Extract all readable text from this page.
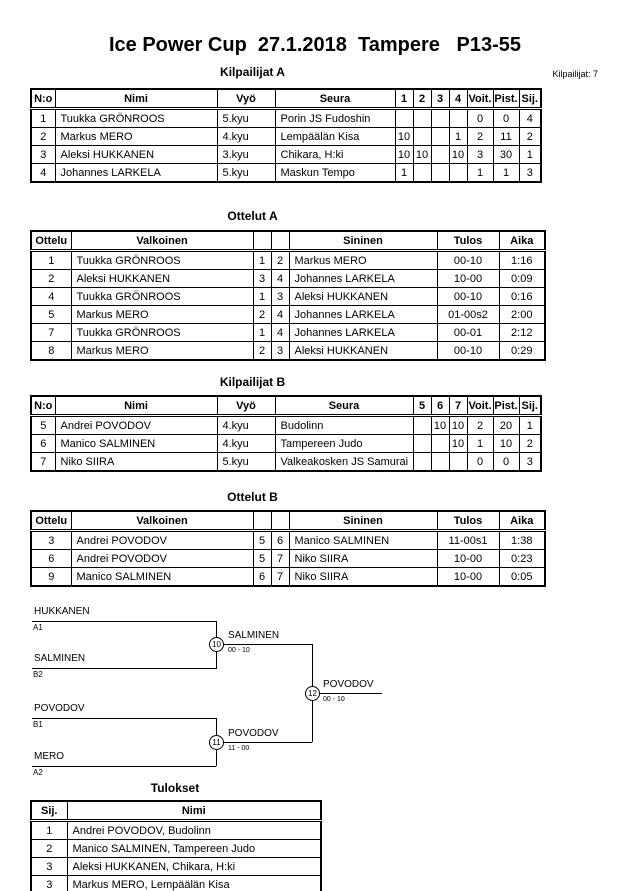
Ice Power Cup  27.1.2018  Tampere   P13-55
Kilpailijat: 7
Kilpailijat A
N:o	Nimi	Vyö	Seura	1	2	3	4	Voit.	Pist.	Sij.
1	Tuukka GRÖNROOS	5.kyu	Porin JS Fudoshin					0	0	4
2	Markus MERO	4.kyu	Lempäälän Kisa	10			1	2	11	2
3	Aleksi HUKKANEN	3.kyu	Chikara, H:ki	10	10		10	3	30	1
4	Johannes LARKELA	5.kyu	Maskun Tempo	1				1	1	3
Ottelut A
Ottelu	Valkoinen			Sininen	Tulos	Aika
1	Tuukka GRÖNROOS	1	2	Markus MERO	00-10	1:16
2	Aleksi HUKKANEN	3	4	Johannes LARKELA	10-00	0:09
4	Tuukka GRÖNROOS	1	3	Aleksi HUKKANEN	00-10	0:16
5	Markus MERO	2	4	Johannes LARKELA	01-00s2	2:00
7	Tuukka GRÖNROOS	1	4	Johannes LARKELA	00-01	2:12
8	Markus MERO	2	3	Aleksi HUKKANEN	00-10	0:29
Kilpailijat B
N:o	Nimi	Vyö	Seura	5	6	7	Voit.	Pist.	Sij.
5	Andrei POVODOV	4.kyu	Budolinn		10	10	2	20	1
6	Manico SALMINEN	4.kyu	Tampereen Judo			10	1	10	2
7	Niko SIIRA	5.kyu	Valkeakosken JS Samurai				0	0	3
Ottelut B
Ottelu	Valkoinen			Sininen	Tulos	Aika
3	Andrei POVODOV	5	6	Manico SALMINEN	11-00s1	1:38
6	Andrei POVODOV	5	7	Niko SIIRA	10-00	0:23
9	Manico SALMINEN	6	7	Niko SIIRA	10-00	0:05
HUKKANEN
A1
SALMINEN
B2
SALMINEN
00 - 10
10
POVODOV
B1
MERO
A2
POVODOV
11 - 00
11
POVODOV
00 - 10
12
Tulokset
Sij.	Nimi
1	Andrei POVODOV, Budolinn
2	Manico SALMINEN, Tampereen Judo
3	Aleksi HUKKANEN, Chikara, H:ki
3	Markus MERO, Lempäälän Kisa
